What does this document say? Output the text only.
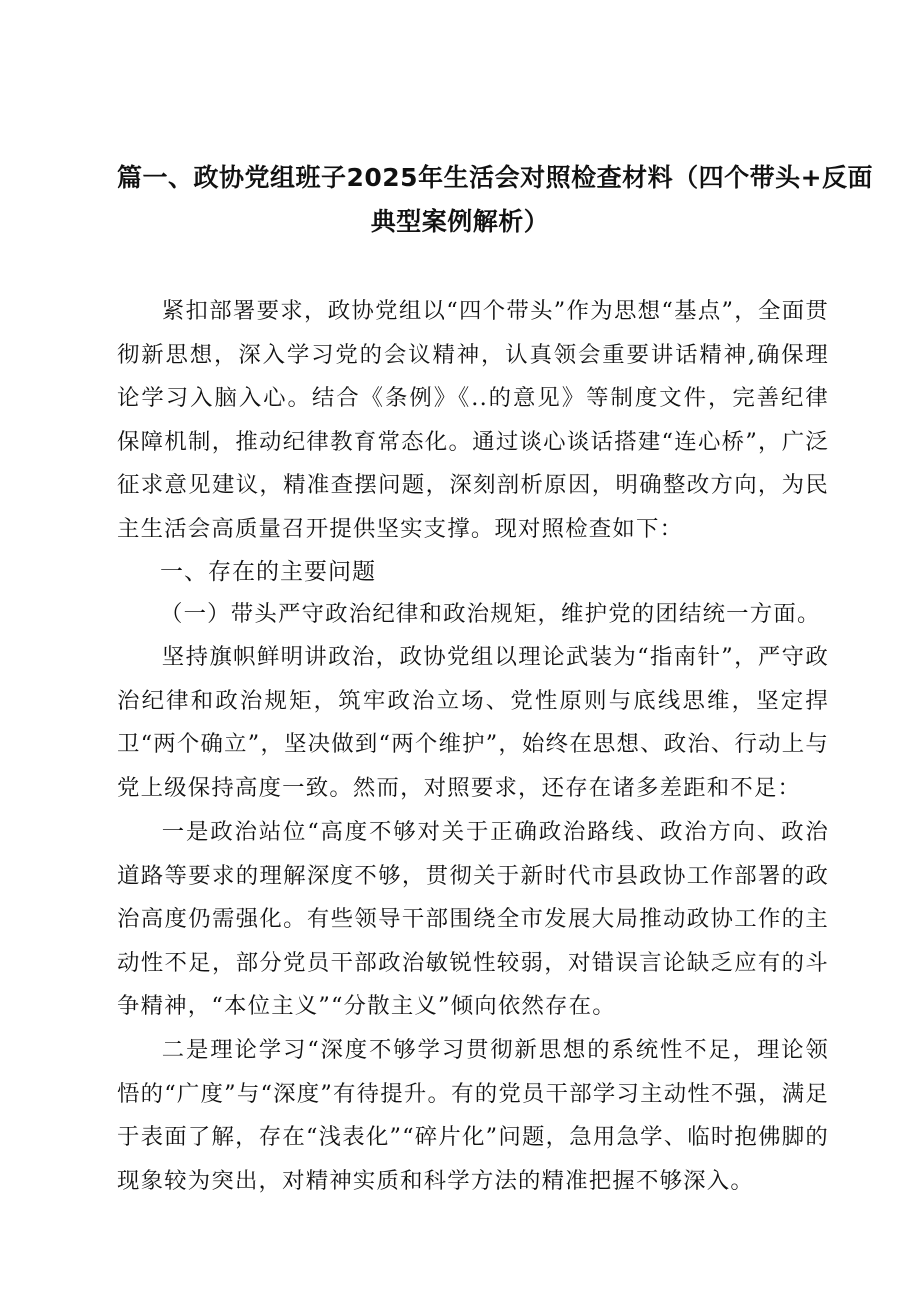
篇一、政协党组班子2025年生活会对照检查材料（四个带头+反面
典型案例解析）

紧扣部署要求，政协党组以“四个带头”作为思想“基点”，全面贯彻新思想，深入学习党的会议精神，认真领会重要讲话精神,确保理论学习入脑入心。结合《条例》《..的意见》等制度文件，完善纪律保障机制，推动纪律教育常态化。通过谈心谈话搭建“连心桥”，广泛征求意见建议，精准查摆问题，深刻剖析原因，明确整改方向，为民主生活会高质量召开提供坚实支撑。现对照检查如下：

一、存在的主要问题

（一）带头严守政治纪律和政治规矩，维护党的团结统一方面。

坚持旗帜鲜明讲政治，政协党组以理论武装为“指南针”，严守政治纪律和政治规矩，筑牢政治立场、党性原则与底线思维，坚定捍卫“两个确立”，坚决做到“两个维护”，始终在思想、政治、行动上与党上级保持高度一致。然而，对照要求，还存在诸多差距和不足：

一是政治站位“高度不够对关于正确政治路线、政治方向、政治道路等要求的理解深度不够，贯彻关于新时代市县政协工作部署的政治高度仍需强化。有些领导干部围绕全市发展大局推动政协工作的主动性不足，部分党员干部政治敏锐性较弱，对错误言论缺乏应有的斗争精神，“本位主义”“分散主义”倾向依然存在。

二是理论学习“深度不够学习贯彻新思想的系统性不足，理论领悟的“广度”与“深度”有待提升。有的党员干部学习主动性不强，满足于表面了解，存在“浅表化”“碎片化”问题，急用急学、临时抱佛脚的现象较为突出，对精神实质和科学方法的精准把握不够深入。
